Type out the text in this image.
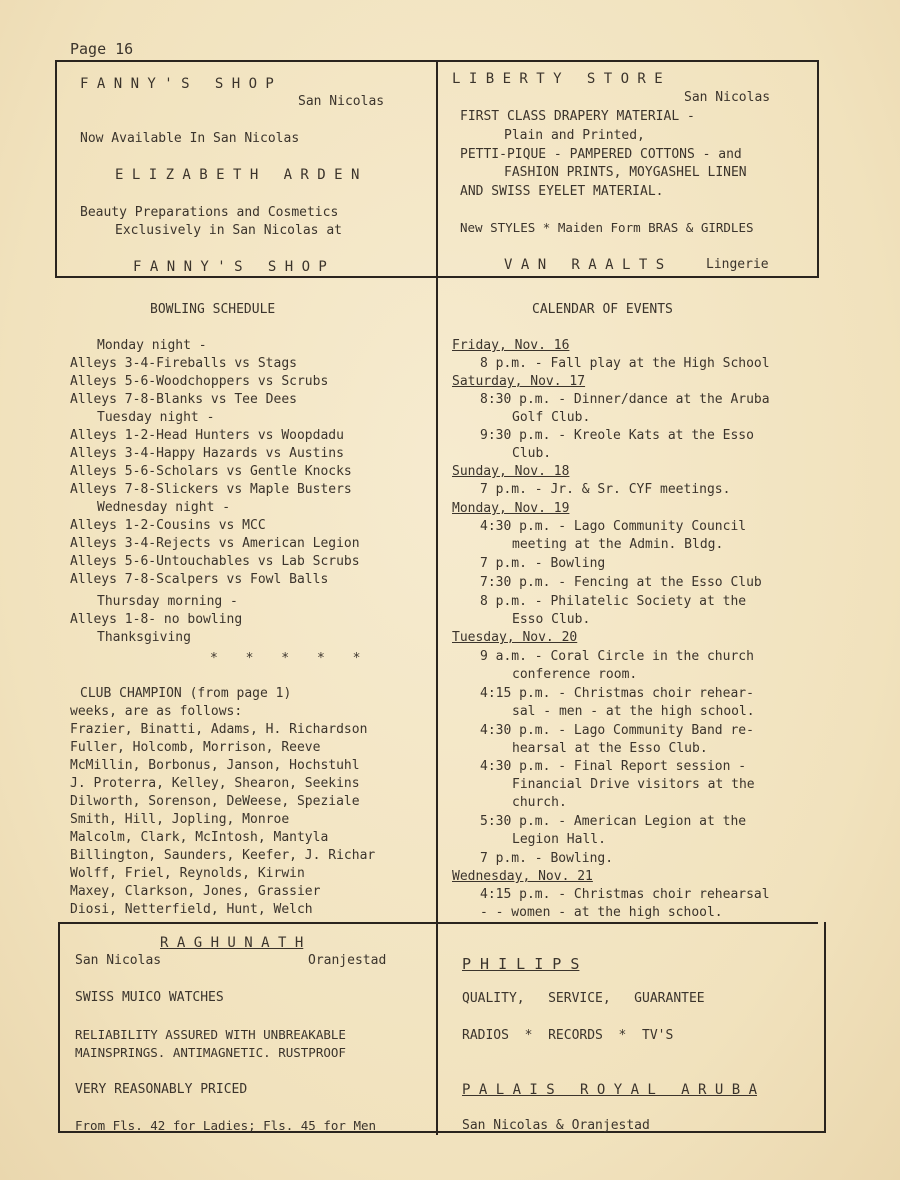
Page 16
F A N N Y ' S   S H O P
San Nicolas
Now Available In San Nicolas
E L I Z A B E T H   A R D E N
Beauty Preparations and Cosmetics
Exclusively in San Nicolas at
F A N N Y ' S   S H O P
L I B E R T Y   S T O R E
San Nicolas
FIRST CLASS DRAPERY MATERIAL -
Plain and Printed,
PETTI-PIQUE - PAMPERED COTTONS - and
FASHION PRINTS, MOYGASHEL LINEN
AND SWISS EYELET MATERIAL.
New STYLES * Maiden Form BRAS & GIRDLES
V A N   R A A L T S	Lingerie
BOWLING SCHEDULE
Monday night -
Alleys 3-4-Fireballs vs Stags
Alleys 5-6-Woodchoppers vs Scrubs
Alleys 7-8-Blanks vs Tee Dees
Tuesday night -
Alleys 1-2-Head Hunters vs Woopdadu
Alleys 3-4-Happy Hazards vs Austins
Alleys 5-6-Scholars vs Gentle Knocks
Alleys 7-8-Slickers vs Maple Busters
Wednesday night -
Alleys 1-2-Cousins vs MCC
Alleys 3-4-Rejects vs American Legion
Alleys 5-6-Untouchables vs Lab Scrubs
Alleys 7-8-Scalpers vs Fowl Balls
Thursday morning -
Alleys 1-8- no bowling
Thanksgiving
* * * * *
CLUB CHAMPION (from page 1)
weeks, are as follows:
Frazier, Binatti, Adams, H. Richardson
Fuller, Holcomb, Morrison, Reeve
McMillin, Borbonus, Janson, Hochstuhl
J. Proterra, Kelley, Shearon, Seekins
Dilworth, Sorenson, DeWeese, Speziale
Smith, Hill, Jopling, Monroe
Malcolm, Clark, McIntosh, Mantyla
Billington, Saunders, Keefer, J. Richar
Wolff, Friel, Reynolds, Kirwin
Maxey, Clarkson, Jones, Grassier
Diosi, Netterfield, Hunt, Welch
CALENDAR OF EVENTS
Friday, Nov. 16
8 p.m. - Fall play at the High School
Saturday, Nov. 17
8:30 p.m. - Dinner/dance at the Aruba
Golf Club.
9:30 p.m. - Kreole Kats at the Esso
Club.
Sunday, Nov. 18
7 p.m. - Jr. & Sr. CYF meetings.
Monday, Nov. 19
4:30 p.m. - Lago Community Council
meeting at the Admin. Bldg.
7 p.m. - Bowling
7:30 p.m. - Fencing at the Esso Club
8 p.m. - Philatelic Society at the
Esso Club.
Tuesday, Nov. 20
9 a.m. - Coral Circle in the church
conference room.
4:15 p.m. - Christmas choir rehear-
sal - men - at the high school.
4:30 p.m. - Lago Community Band re-
hearsal at the Esso Club.
4:30 p.m. - Final Report session -
Financial Drive visitors at the
church.
5:30 p.m. - American Legion at the
Legion Hall.
7 p.m. - Bowling.
Wednesday, Nov. 21
4:15 p.m. - Christmas choir rehearsal
- - women - at the high school.
R A G H U N A T H
San Nicolas	Oranjestad
SWISS MUICO WATCHES
RELIABILITY ASSURED WITH UNBREAKABLE
MAINSPRINGS. ANTIMAGNETIC. RUSTPROOF
VERY REASONABLY PRICED
From Fls. 42 for Ladies; Fls. 45 for Men
P H I L I P S
QUALITY,   SERVICE,   GUARANTEE
RADIOS  *  RECORDS  *  TV'S
P A L A I S   R O Y A L   A R U B A
San Nicolas & Oranjestad
